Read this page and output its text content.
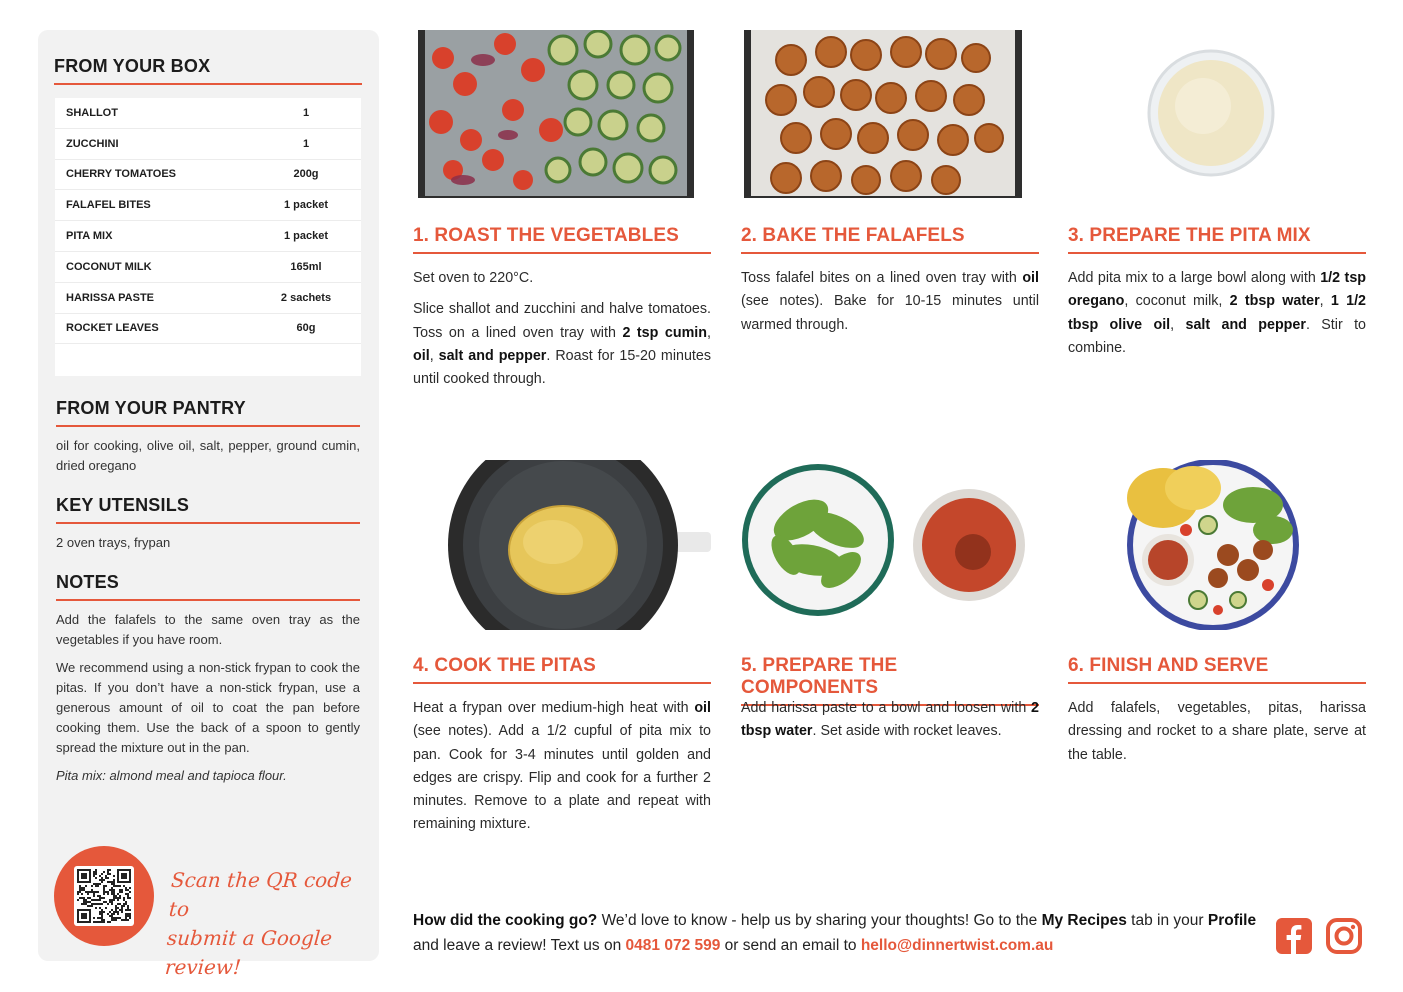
FROM YOUR BOX
SHALLOT	1
ZUCCHINI	1
CHERRY TOMATOES	200g
FALAFEL BITES	1 packet
PITA MIX	1 packet
COCONUT MILK	165ml
HARISSA PASTE	2 sachets
ROCKET LEAVES	60g
FROM YOUR PANTRY
oil for cooking, olive oil, salt, pepper, ground cumin, dried oregano
KEY UTENSILS
2 oven trays, frypan
NOTES

Add the falafels to the same oven tray as the vegetables if you have room.

We recommend using a non-stick frypan to cook the pitas. If you don’t have a non-stick frypan, use a generous amount of oil to coat the pan before cooking them. Use the back of a spoon to gently spread the mixture out in the pan.

Pita mix: almond meal and tapioca flour.

Scan the QR code to
submit a Google review!
1. ROAST THE VEGETABLES

Set oven to 220°C.

Slice shallot and zucchini and halve tomatoes. Toss on a lined oven tray with 2 tsp cumin, oil, salt and pepper. Roast for 15-20 minutes until cooked through.

2. BAKE THE FALAFELS

Toss falafel bites on a lined oven tray with oil (see notes). Bake for 10-15 minutes until warmed through.

3. PREPARE THE PITA MIX

Add pita mix to a large bowl along with 1/2 tsp oregano, coconut milk, 2 tbsp water, 1 1/2 tbsp olive oil, salt and pepper. Stir to combine.

4. COOK THE PITAS

Heat a frypan over medium-high heat with oil (see notes). Add a 1/2 cupful of pita mix to pan. Cook for 3-4 minutes until golden and edges are crispy. Flip and cook for a further 2 minutes. Remove to a plate and repeat with remaining mixture.

5. PREPARE THE COMPONENTS

Add harissa paste to a bowl and loosen with 2 tbsp water. Set aside with rocket leaves.

6. FINISH AND SERVE

Add falafels, vegetables, pitas, harissa dressing and rocket to a share plate, serve at the table.

How did the cooking go? We’d love to know - help us by sharing your thoughts! Go to the My Recipes tab in your Profile and leave a review! Text us on 0481 072 599 or send an email to hello@dinnertwist.com.au
